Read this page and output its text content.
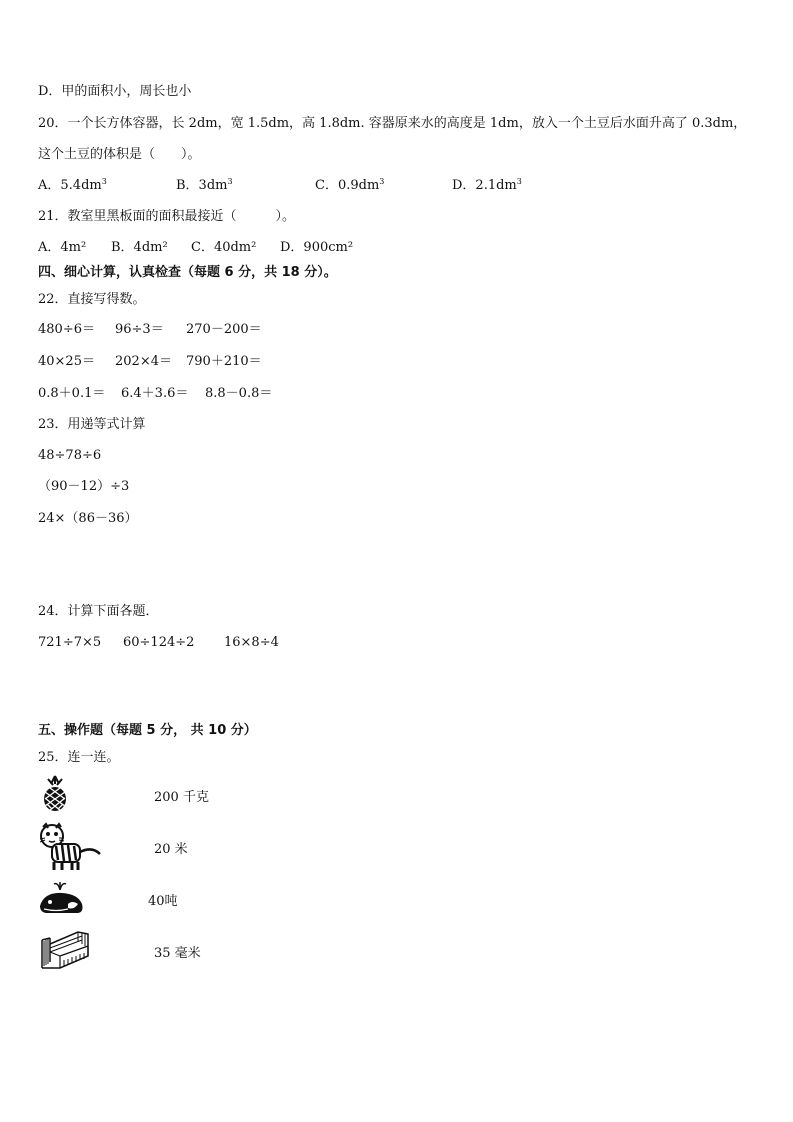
D．甲的面积小，周长也小
20．一个长方体容器，长 2dm，宽 1.5dm，高 1.8dm. 容器原来水的高度是 1dm，放入一个土豆后水面升高了 0.3dm，
这个土豆的体积是（　　）。
A．$5.4dm^3$	B．$3dm^3$	C．$0.9dm^3$	D．$2.1dm^3$
21．教室里黑板面的面积最接近（　　　）。
A．4m² B．4dm² C．40dm² D．900cm²
四、细心计算，认真检查（每题 6 分，共 18 分）。
22．直接写得数。
480÷6＝ 96÷3＝ 270－200＝
40×25＝ 202×4＝ 790＋210＝
0.8＋0.1＝ 6.4＋3.6＝ 8.8－0.8＝
23．用递等式计算
48÷78÷6
（90－12）÷3
24×（86－36）
24．计算下面各题．
721÷7×5 60÷124÷2 16×8÷4
五、操作题（每题 5 分， 共 10 分）
25．连一连。
200 千克
20 米
40吨
35 毫米
